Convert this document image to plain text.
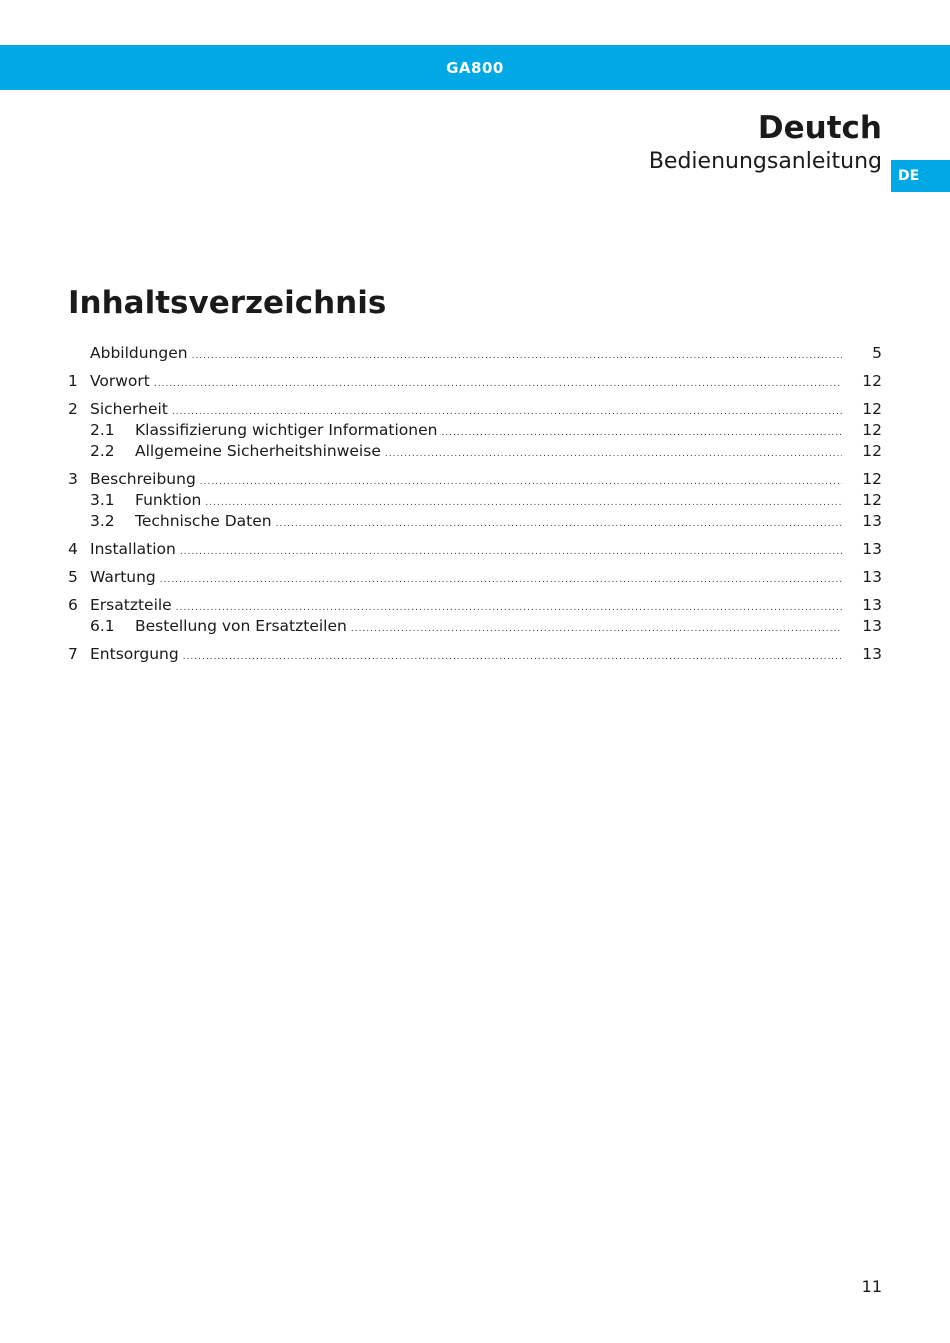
GA800
Deutch
Bedienungsanleitung
DE
Inhaltsverzeichnis
Abbildungen .....	5
1 Vorwort .....	12
2 Sicherheit .....	12
2.1	Klassifizierung wichtiger Informationen .....	12
2.2	Allgemeine Sicherheitshinweise .....	12
3 Beschreibung .....	12
3.1	Funktion .....	12
3.2	Technische Daten .....	13
4 Installation .....	13
5 Wartung .....	13
6 Ersatzteile .....	13
6.1	Bestellung von Ersatzteilen .....	13
7 Entsorgung .....	13
11
